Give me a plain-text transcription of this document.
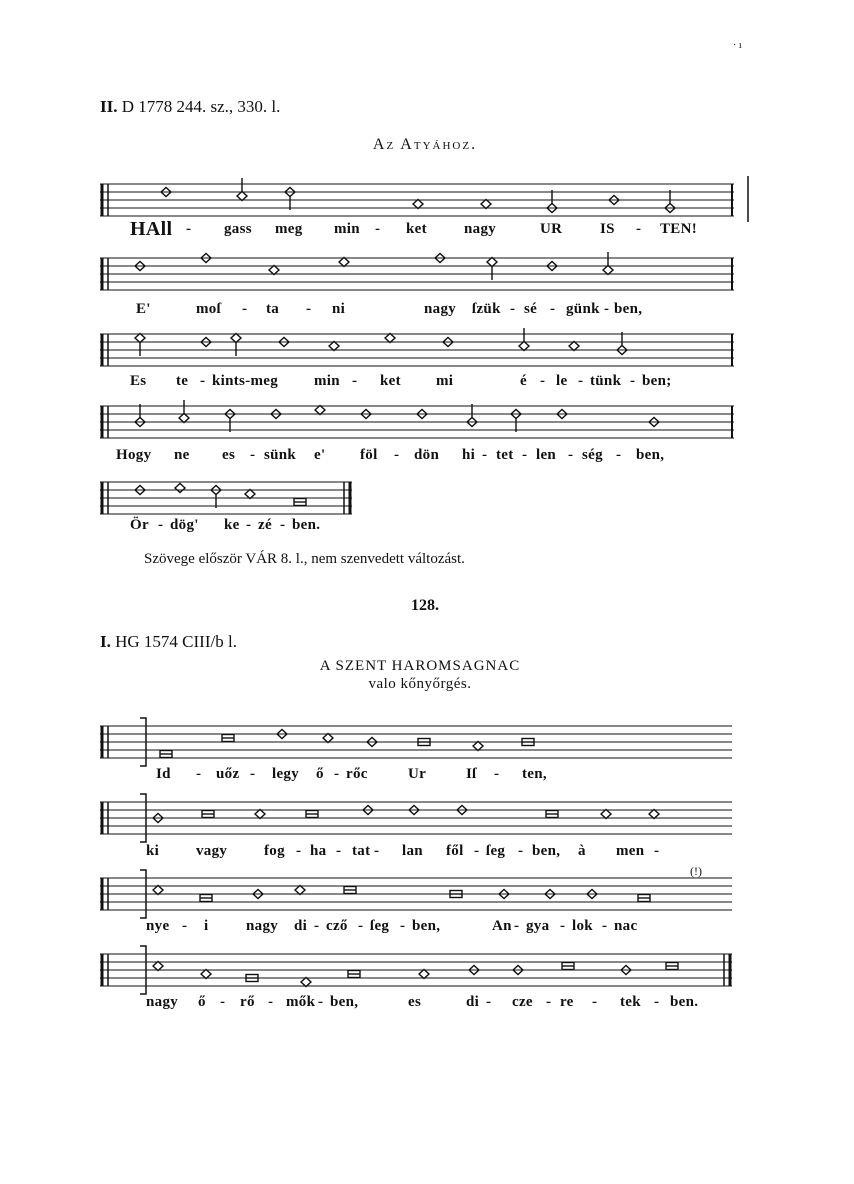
· ı
II. D 1778 244. sz., 330. l.
Az Atyához.
HAll - gass meg min - ket nagy	UR	IS - TEN!
E'	moſ - ta - ni	nagy ſzük - sé - günk - ben,
Es te - kints-meg min - ket mi	é - le - tünk - ben;
Hogy ne es - sünk e' föl - dön hi - tet - len - ség - ben,
Ör - dög' ke - zé - ben.
Szövege először VÁR 8. l., nem szenvedett változást.
128.
I. HG 1574 CIII/b l.
A SZENT HAROMSAGNAC
valo kőnyőrgés.
Id - uőz - legy ő - rőc	Ur	Iſ - ten,
ki vagy fog - ha - tat - lan fől - ſeg - ben, à men -
(!)
nye - i	nagy di - cző - ſeg - ben,	An - gya - lok - nac
nagy ő - rő - mők - ben,	es	di - cze - re - tek - ben.
